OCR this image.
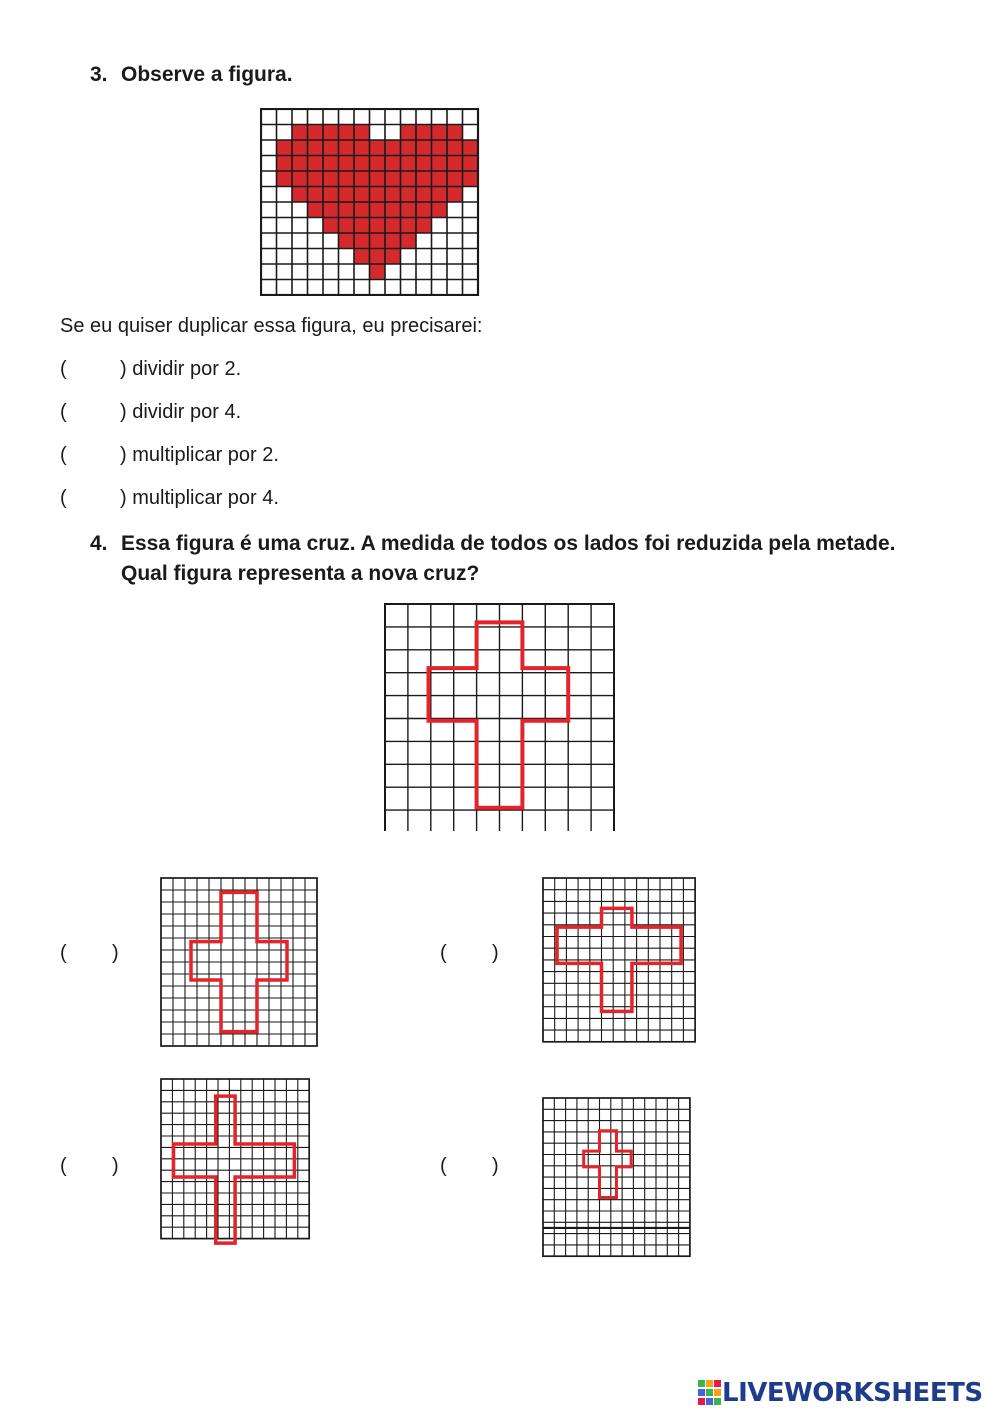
3. Observe a figura.
Se eu quiser duplicar essa figura, eu precisarei:
(	) dividir por 2.
(	) dividir por 4.
(	) multiplicar por 2.
(	) multiplicar por 4.
4. Essa figura é uma cruz. A medida de todos os lados foi reduzida pela metade. Qual figura representa a nova cruz?
( )	( )
( )	( )
LIVEWORKSHEETS
